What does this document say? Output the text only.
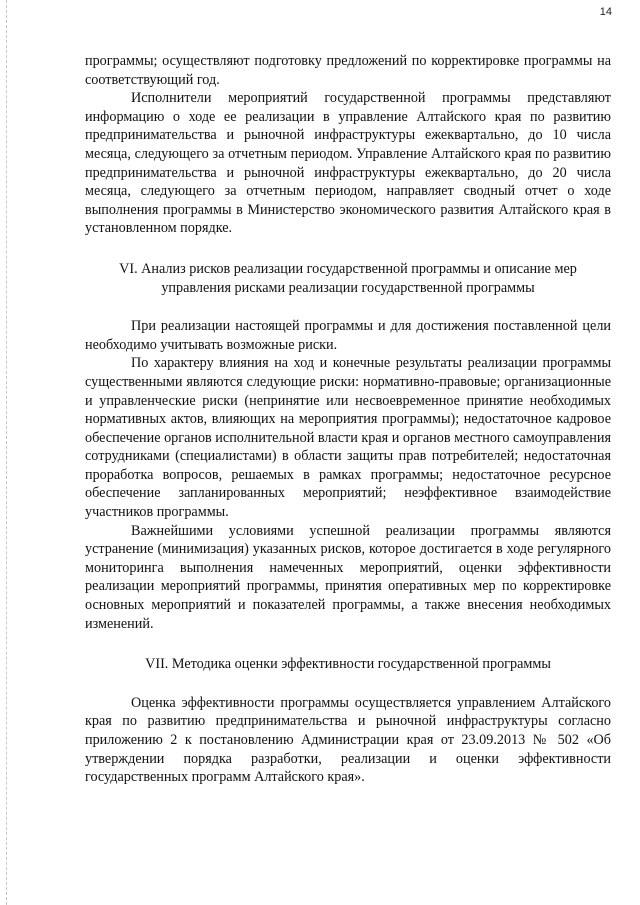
14

программы; осуществляют подготовку предложений по корректировке программы на соответствующий год.

Исполнители мероприятий государственной программы представляют информацию о ходе ее реализации в управление Алтайского края по развитию предпринимательства и рыночной инфраструктуры ежеквартально, до 10 числа месяца, следующего за отчетным периодом. Управление Алтайского края по развитию предпринимательства и рыночной инфраструктуры ежеквартально, до 20 числа месяца, следующего за отчетным периодом, направляет сводный отчет о ходе выполнения программы в Министерство экономического развития Алтайского края в установленном порядке.

VI. Анализ рисков реализации государственной программы и описание мер управления рисками реализации государственной программы

При реализации настоящей программы и для достижения поставленной цели необходимо учитывать возможные риски.

По характеру влияния на ход и конечные результаты реализации программы существенными являются следующие риски: нормативно-правовые; организационные и управленческие риски (непринятие или несвоевременное принятие необходимых нормативных актов, влияющих на мероприятия программы); недостаточное кадровое обеспечение органов исполнительной власти края и органов местного самоуправления сотрудниками (специалистами) в области защиты прав потребителей; недостаточная проработка вопросов, решаемых в рамках программы; недостаточное ресурсное обеспечение запланированных мероприятий; неэффективное взаимодействие участников программы.

Важнейшими условиями успешной реализации программы являются устранение (минимизация) указанных рисков, которое достигается в ходе регулярного мониторинга выполнения намеченных мероприятий, оценки эффективности реализации мероприятий программы, принятия оперативных мер по корректировке основных мероприятий и показателей программы, а также внесения необходимых изменений.

VII. Методика оценки эффективности государственной программы

Оценка эффективности программы осуществляется управлением Алтайского края по развитию предпринимательства и рыночной инфраструктуры согласно приложению 2 к постановлению Администрации края от 23.09.2013 № 502 «Об утверждении порядка разработки, реализации и оценки эффективности государственных программ Алтайского края».
